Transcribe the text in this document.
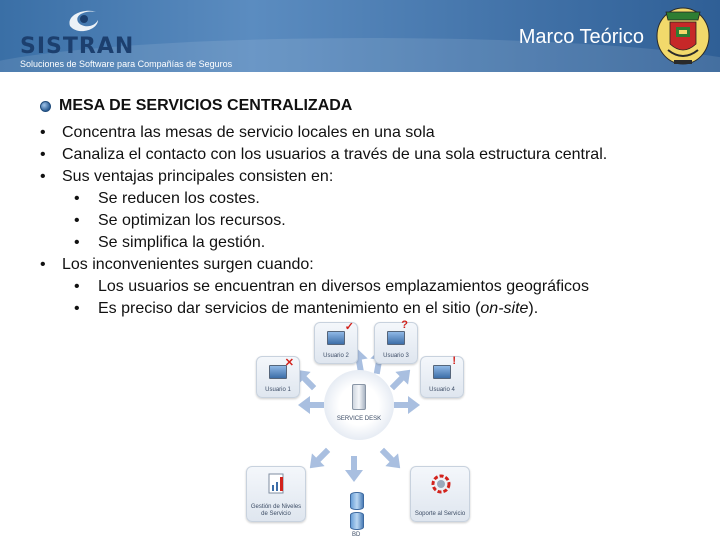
SISTRAN
Soluciones de Software para Compañías de Seguros
Marco Teórico
MESA DE SERVICIOS CENTRALIZADA
•	Concentra las mesas de servicio locales en una sola
•	Canaliza el contacto con los usuarios a través de una sola estructura central.
•	Sus ventajas principales consisten en:
•	Se reducen los costes.
•	Se optimizan los recursos.
•	Se simplifica la gestión.
•	Los inconvenientes surgen cuando:
•	Los usuarios se encuentran en diversos emplazamientos geográficos
•	Es preciso dar servicios de mantenimiento en el sitio (on-site).
SERVICE DESK
Usuario 2
✓
Usuario 3
?
Usuario 1
✕
Usuario 4
!
Gestión de Niveles de Servicio	Soporte al Servicio
BD
